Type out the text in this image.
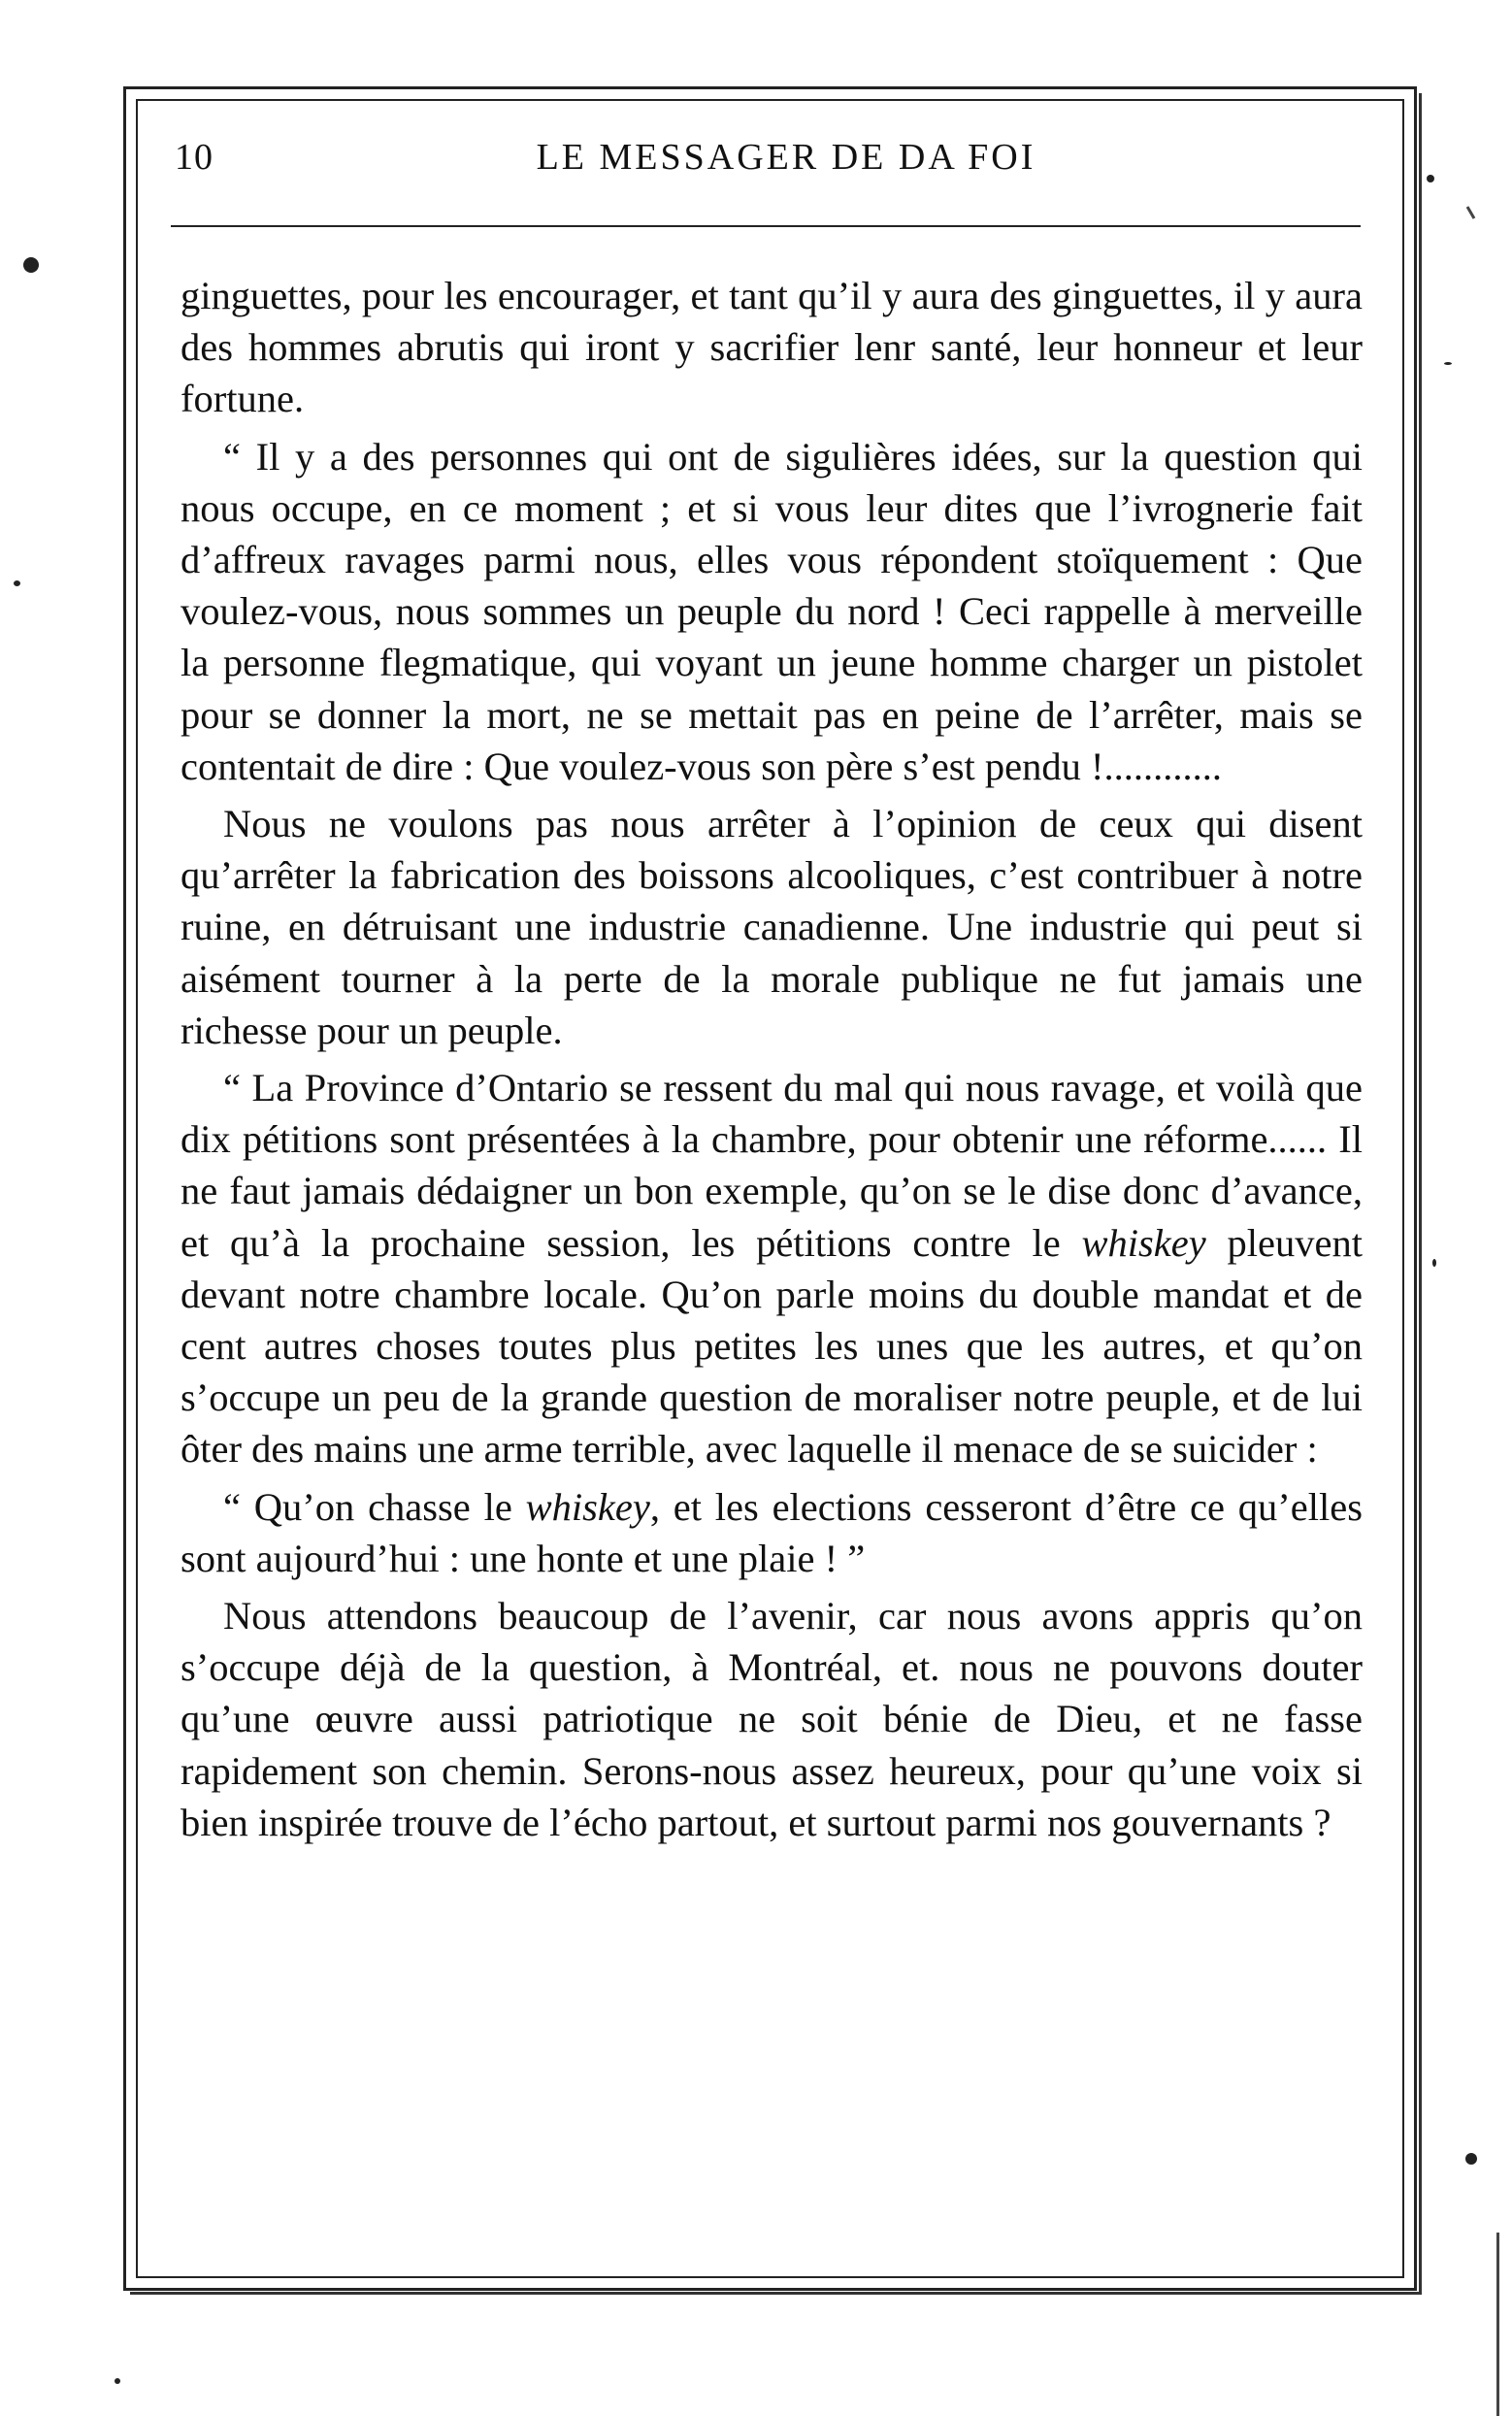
10	LE MESSAGER DE DA FOI

ginguettes, pour les encourager, et tant qu’il y aura des ginguettes, il y aura des hommes abrutis qui iront y sacrifier lenr santé, leur honneur et leur fortune.

“ Il y a des personnes qui ont de sigulières idées, sur la question qui nous occupe, en ce moment ; et si vous leur dites que l’ivrognerie fait d’affreux ravages parmi nous, elles vous répondent stoïquement : Que voulez-vous, nous sommes un peuple du nord ! Ceci rappelle à merveille la personne flegmatique, qui voyant un jeune homme charger un pistolet pour se donner la mort, ne se mettait pas en peine de l’arrêter, mais se contentait de dire : Que voulez-vous son père s’est pendu !............

Nous ne voulons pas nous arrêter à l’opinion de ceux qui disent qu’arrêter la fabrication des boissons alcooliques, c’est contribuer à notre ruine, en détruisant une industrie canadienne. Une industrie qui peut si aisément tourner à la perte de la morale publique ne fut jamais une richesse pour un peuple.

“ La Province d’Ontario se ressent du mal qui nous ravage, et voilà que dix pétitions sont présentées à la chambre, pour obtenir une réforme...... Il ne faut jamais dédaigner un bon exemple, qu’on se le dise donc d’avance, et qu’à la prochaine session, les pétitions contre le whiskey pleuvent devant notre chambre locale. Qu’on parle moins du double mandat et de cent autres choses toutes plus petites les unes que les autres, et qu’on s’occupe un peu de la grande question de moraliser notre peuple, et de lui ôter des mains une arme terrible, avec laquelle il menace de se suicider :

“ Qu’on chasse le whiskey, et les elections cesseront d’être ce qu’elles sont aujourd’hui : une honte et une plaie ! ”

Nous attendons beaucoup de l’avenir, car nous avons appris qu’on s’occupe déjà de la question, à Montréal, et. nous ne pouvons douter qu’une œuvre aussi patriotique ne soit bénie de Dieu, et ne fasse rapidement son chemin. Serons-nous assez heureux, pour qu’une voix si bien inspirée trouve de l’écho partout, et surtout parmi nos gouvernants ?
